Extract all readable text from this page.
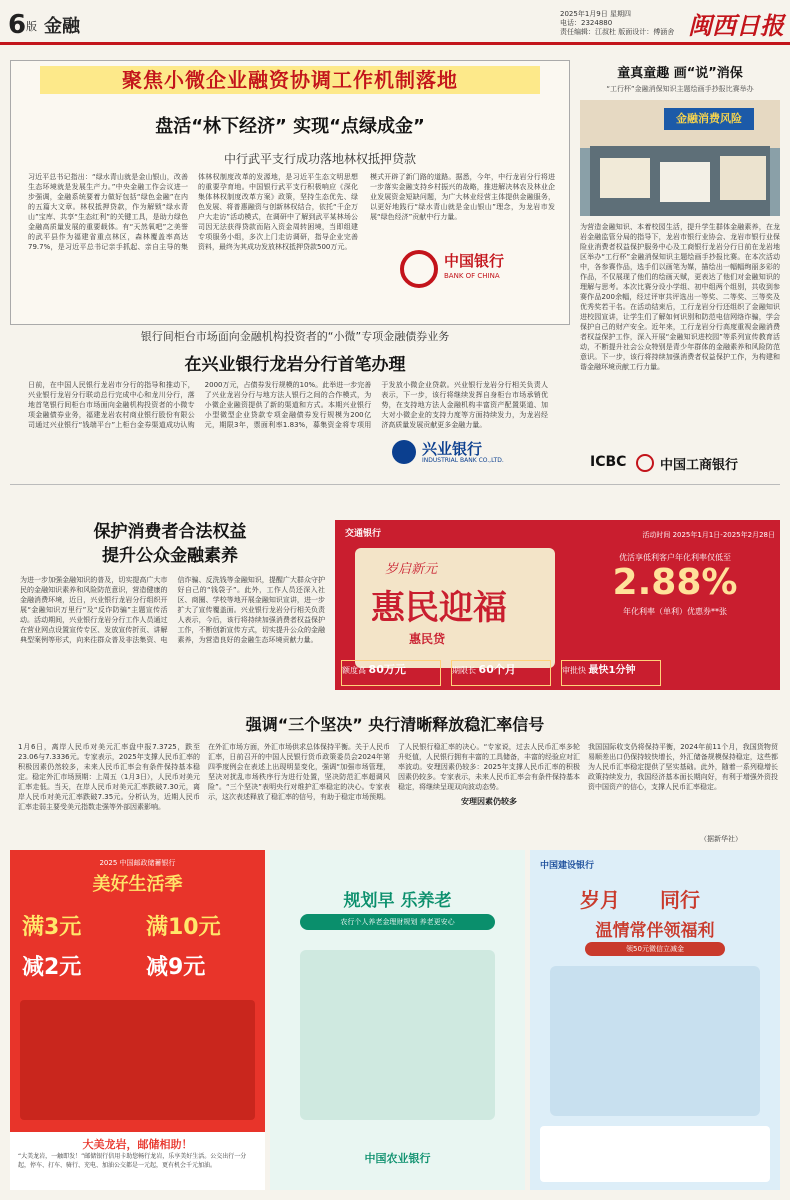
6 版 金融
2025年1月9日 星期四
电话：2324880
责任编辑：江叔杜 版面设计：傅涵舍 闽西日报
聚焦小微企业融资协调工作机制落地
盘活“林下经济” 实现“点绿成金”
中行武平支行成功落地林权抵押贷款
习近平总书记指出：“绿水青山就是金山银山，改善生态环境就是发展生产力。”中央金融工作会议进一步强调，金融系统要着力做好包括“绿色金融”在内的五篇大文章。林权抵押贷款，作为解锁“绿水青山”宝库、共享“生态红利”的关键工具，是助力绿色金融高质量发展的重要载体。有“天然氧吧”之美誉的武平县作为福建省重点林区，森林覆盖率高达79.7%，是习近平总书记亲手抓起、亲自主导的集体林权制度改革的发源地，是习近平生态文明思想的重要孕育地。中国银行武平支行积极响应《深化集体林权制度改革方案》政策，坚持生态优先、绿色发展、将普惠融资与创新林权结合，依托“千企万户大走访”活动模式，在调研中了解到武平某林场公司因无法获得贷款而陷入资金周转困境，当即组建专项服务小组，多次上门走访调研，指导企业完善资料，最终为其成功发放林权抵押贷款500万元。
模式开辟了新门路的道路。据悉，今年，中行龙岩分行将进一步落实金融支持乡村振兴的战略，推进解决林农及林业企业发展资金短缺问题，为广大林业经营主体提供金融服务，以更好地践行“绿水青山就是金山银山”理念，为龙岩市发展“绿色经济”贡献中行力量。
中国银行
BANK OF CHINA
银行间柜台市场面向金融机构投资者的“小微”专项金融债券业务
在兴业银行龙岩分行首笔办理
日前，在中国人民银行龙岩市分行的指导和推动下，兴业银行龙岩分行联动总行完成中心和龙川分行，落地首笔银行间柜台市场面向金融机构投资者的小微专项金融债券业务，福建龙岩农村商业银行股份有限公司通过兴业银行“钱端平台”上柜台金券渠道成功认购2000万元，占债券发行规模的10%。此举进一步完善了兴业龙岩分行与地方法人银行之间的合作模式，为小微企业融资提供了新的渠道和方式。本期兴业银行小型微型企业贷款专项金融债券发行规模为200亿元，期限3年，票面利率1.83%，募集资金将专项用于发放小微企业贷款。兴业银行龙岩分行相关负责人表示，下一步，该行将继续发挥自身柜台市场承销优势，在支持地方法人金融机构丰富资产配置渠道、加大对小微企业的支持力度等方面持续发力，为龙岩经济高质量发展贡献更多金融力量。
兴业银行
INDUSTRIAL BANK CO.,LTD.
童真童趣 画“说”消保
“工行杯”金融消保知识主题绘画手抄报比赛举办
金融消费风险
为营造金融知识、本着校园生活，提升学生群体金融素养，在龙岩金融监管分局的指导下，龙岩市银行业协会、龙岩市银行业保险业消费者权益保护服务中心及工商银行龙岩分行日前在龙岩地区举办“工行杯”金融消保知识主题绘画手抄报比赛。在本次活动中，各参赛作品，选手们以画笔为媒，描绘出一幅幅绚丽多彩的作品，不仅展现了他们的绘画天赋，更表达了他们对金融知识的理解与思考。本次比赛分设小学组、初中组两个组别，共收到参赛作品200余幅，经过评审共评选出一等奖、二等奖、三等奖及优秀奖若干名。在活动结束后，工行龙岩分行还组织了金融知识进校园宣讲，让学生们了解如何识别和防范电信网络诈骗，学会保护自己的财产安全。近年来，工行龙岩分行高度重视金融消费者权益保护工作，深入开展“金融知识进校园”等系列宣传教育活动，不断提升社会公众特别是青少年群体的金融素养和风险防范意识。下一步，该行将持续加强消费者权益保护工作，为构建和谐金融环境贡献工行力量。
ICBC	中国工商银行
保护消费者合法权益
提升公众金融素养
为进一步加强金融知识的普及，切实提高广大市民的金融知识素养和风险防范意识，营造健康的金融消费环境，近日，兴业银行龙岩分行组织开展“金融知识万里行”及“反诈防骗”主题宣传活动。活动期间，兴业银行龙岩分行工作人员通过在营业网点设置宣传专区、发放宣传折页、讲解典型案例等形式，向来往群众普及非法集资、电信诈骗、反洗钱等金融知识，提醒广大群众守护好自己的“钱袋子”。此外，工作人员还深入社区、商圈、学校等地开展金融知识宣讲，进一步扩大了宣传覆盖面。兴业银行龙岩分行相关负责人表示，今后，该行将持续加强消费者权益保护工作，不断创新宣传方式，切实提升公众的金融素养，为营造良好的金融生态环境贡献力量。
交通银行
岁启新元
惠民迎福
惠民贷
活动时间 2025年1月1日-2025年2月28日
优活享低利客户年化利率仅低至
2.88%
年化利率（单利）优惠券**张
额度高 80万元	期限长 60个月	审批快 最快1分钟
强调“三个坚决” 央行清晰释放稳汇率信号
1月6日，离岸人民币对美元汇率盘中报7.3725，跌至23.06与7.3336元。专家表示，2025年支撑人民币汇率的积极因素仍然较多，未来人民币汇率会有条件保持基本稳定。稳定外汇市场预期：上周五（1月3日），人民币对美元汇率走低。当天，在岸人民币对美元汇率跌破7.30元，离岸人民币对美元汇率跌破7.35元。分析认为，近期人民币汇率走弱主要受美元指数走强等外部因素影响。
在外汇市场方面，外汇市场供求总体保持平衡。关于人民币汇率，日前召开的中国人民银行货币政策委员会2024年第四季度例会在表述上出现明显变化，强调“加强市场管理，坚决对扰乱市场秩序行为进行处置，坚决防范汇率超调风险”。“三个坚决”表明央行对维护汇率稳定的决心。专家表示，这次表述释放了稳汇率的信号，有助于稳定市场预期。
了人民银行稳汇率的决心。“专家说，过去人民币汇率多轮升贬值，人民银行拥有丰富的工具储备，丰富的经验应对汇率波动。安理因素仍较多：2025年支撑人民币汇率的积极因素仍较多。专家表示，未来人民币汇率会有条件保持基本稳定，将继续呈现双向波动态势。
安理因素仍较多
我国国际收支仍将保持平衡，2024年前11个月，我国货物贸易顺差出口仍保持较快增长，外汇储备规模保持稳定，这些都为人民币汇率稳定提供了坚实基础。此外，随着一系列稳增长政策持续发力，我国经济基本面长期向好，有利于增强外资投资中国资产的信心，支撑人民币汇率稳定。
（据新华社）
2025 中国邮政储蓄银行
美好生活季
满3元
减2元
满10元
减9元
大美龙岩，邮储相助！
“大美龙岩，一触即发！”邮储银行信用卡助您畅行龙岩，乐享美好生活。公交出行一分起，停车、打车、骑行、充电、加油公交都是一元起，更有机会千元加油。
规划早 乐养老
农行个人养老金理财规划 养老更安心
中国农业银行
中国建设银行
岁月 同行
温情常伴领福利
领50元微信立减金
